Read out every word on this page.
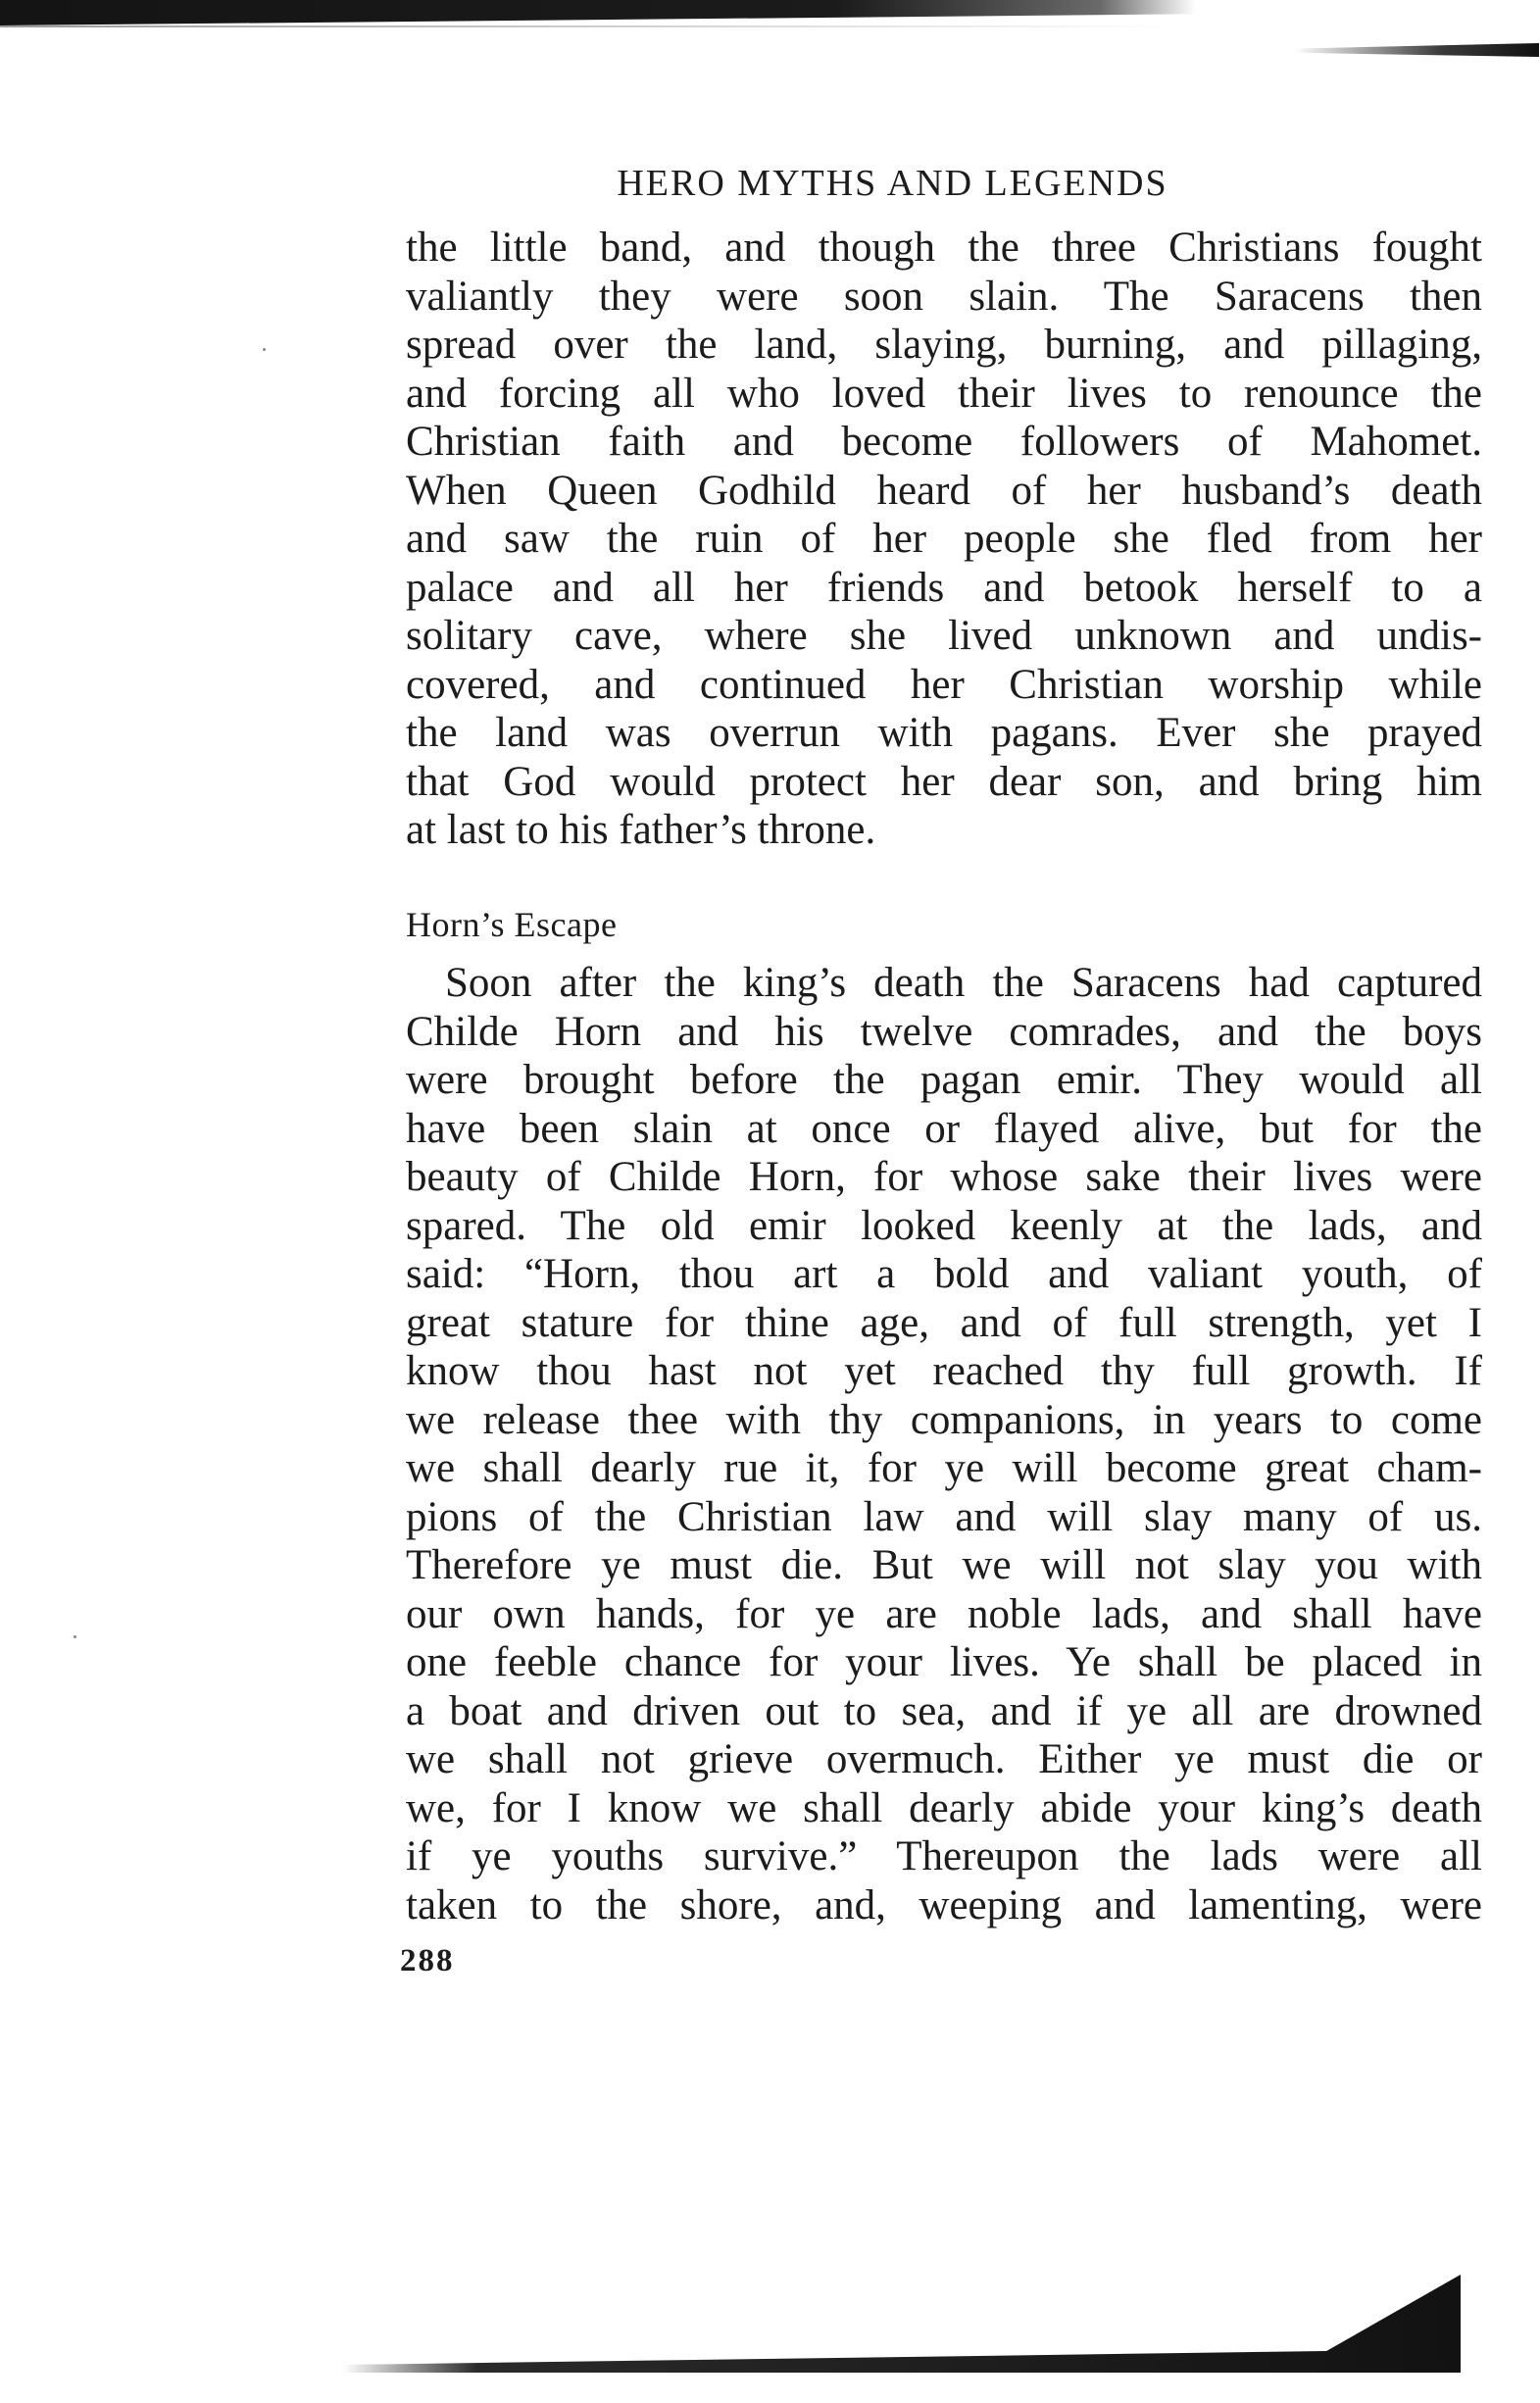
HERO MYTHS AND LEGENDS
the little band, and though the three Christians fought
valiantly they were soon slain. The Saracens then
spread over the land, slaying, burning, and pillaging,
and forcing all who loved their lives to renounce the
Christian faith and become followers of Mahomet.
When Queen Godhild heard of her husband’s death
and saw the ruin of her people she fled from her
palace and all her friends and betook herself to a
solitary cave, where she lived unknown and undis-
covered, and continued her Christian worship while
the land was overrun with pagans. Ever she prayed
that God would protect her dear son, and bring him
at last to his father’s throne.
Horn’s Escape
Soon after the king’s death the Saracens had captured
Childe Horn and his twelve comrades, and the boys
were brought before the pagan emir. They would all
have been slain at once or flayed alive, but for the
beauty of Childe Horn, for whose sake their lives were
spared. The old emir looked keenly at the lads, and
said: “Horn, thou art a bold and valiant youth, of
great stature for thine age, and of full strength, yet I
know thou hast not yet reached thy full growth. If
we release thee with thy companions, in years to come
we shall dearly rue it, for ye will become great cham-
pions of the Christian law and will slay many of us.
Therefore ye must die. But we will not slay you with
our own hands, for ye are noble lads, and shall have
one feeble chance for your lives. Ye shall be placed in
a boat and driven out to sea, and if ye all are drowned
we shall not grieve overmuch. Either ye must die or
we, for I know we shall dearly abide your king’s death
if ye youths survive.” Thereupon the lads were all
taken to the shore, and, weeping and lamenting, were
288
